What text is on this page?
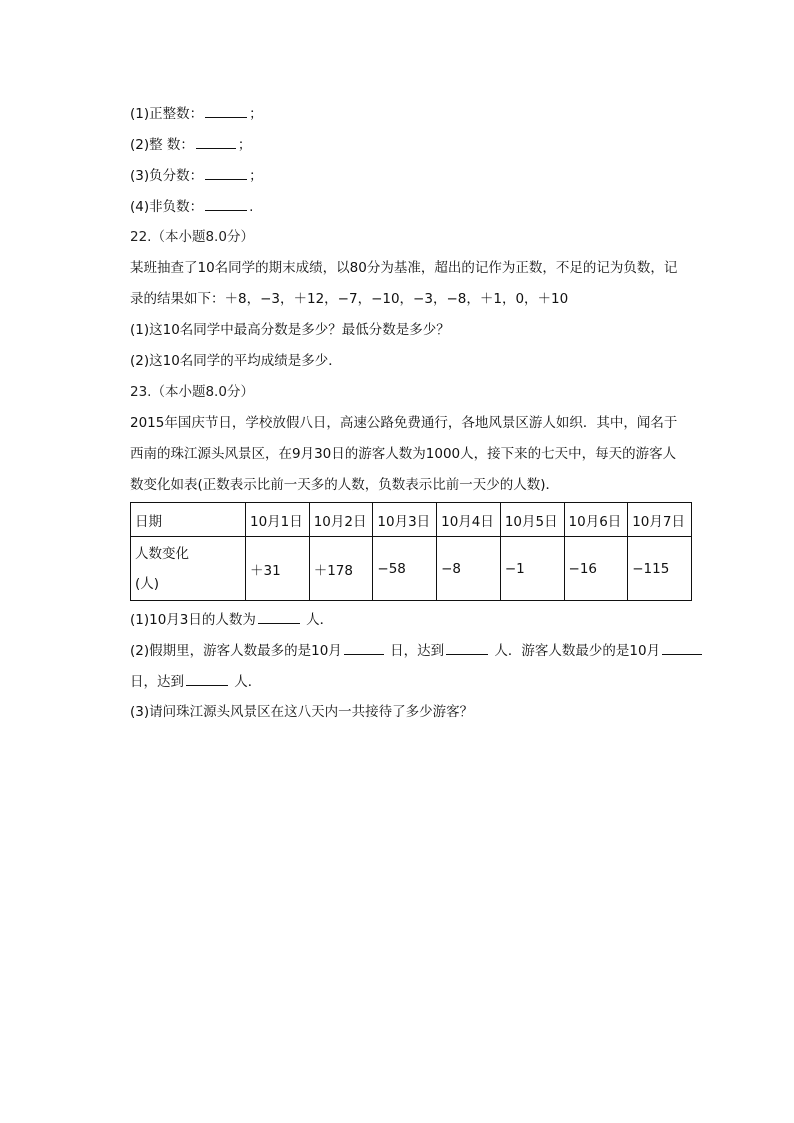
(1)正整数：	；
(2)整 数：	；
(3)负分数：	；
(4)非负数：	.
22.（本小题8.0分）
某班抽查了10名同学的期末成绩，以80分为基准，超出的记作为正数，不足的记为负数，记
录的结果如下：＋8，−3，＋12，−7，−10，−3，−8，＋1，0，＋10
(1)这10名同学中最高分数是多少？最低分数是多少？
(2)这10名同学的平均成绩是多少．
23.（本小题8.0分）
2015年国庆节日，学校放假八日，高速公路免费通行，各地风景区游人如织．其中，闻名于
西南的珠江源头风景区，在9月30日的游客人数为1000人，接下来的七天中，每天的游客人
数变化如表(正数表示比前一天多的人数，负数表示比前一天少的人数)．
日期	10月1日	10月2日	10月3日	10月4日	10月5日	10月6日	10月7日

人数变化
(人)	＋31	＋178	−58	−8	−1	−16	−115
(1)10月3日的人数为	人．
(2)假期里，游客人数最多的是10月	日，达到	人．游客人数最少的是10月
日，达到	人．
(3)请问珠江源头风景区在这八天内一共接待了多少游客？
